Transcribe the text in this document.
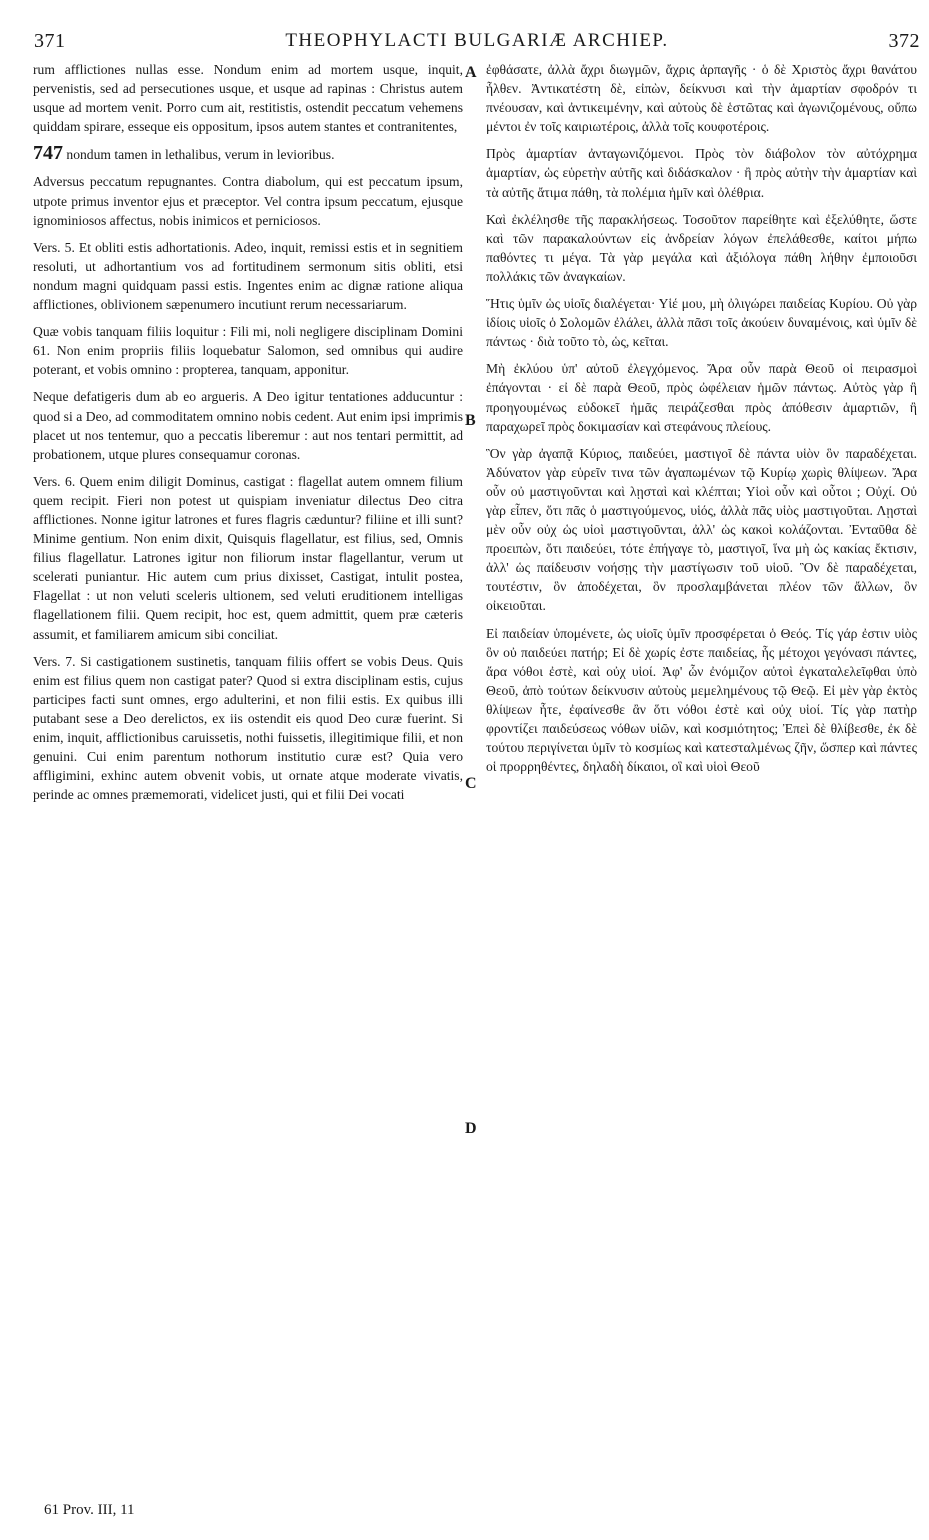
371	THEOPHYLACTI BULGARIÆ ARCHIEP.	372

rum afflictiones nullas esse. Nondum enim ad mortem usque, inquit, pervenistis, sed ad persecutiones usque, et usque ad rapinas : Christus autem usque ad mortem venit. Porro cum ait, restitistis, ostendit peccatum vehemens quiddam spirare, esseque eis oppositum, ipsos autem stantes et contranitentes,

747 nondum tamen in lethalibus, verum in levioribus.

Adversus peccatum repugnantes. Contra diabolum, qui est peccatum ipsum, utpote primus inventor ejus et præceptor. Vel contra ipsum peccatum, ejusque ignominiosos affectus, nobis inimicos et perniciosos.

Vers. 5. Et obliti estis adhortationis. Adeo, inquit, remissi estis et in segnitiem resoluti, ut adhortantium vos ad fortitudinem sermonum sitis obliti, etsi nondum magni quidquam passi estis. Ingentes enim ac dignæ ratione aliqua afflictiones, oblivionem sæpenumero incutiunt rerum necessariarum.

Quæ vobis tanquam filiis loquitur : Fili mi, noli negligere disciplinam Domini 61. Non enim propriis filiis loquebatur Salomon, sed omnibus qui audire poterant, et vobis omnino : propterea, tanquam, apponitur.

Neque defatigeris dum ab eo argueris. A Deo igitur tentationes adducuntur : quod si a Deo, ad commoditatem omnino nobis cedent. Aut enim ipsi imprimis placet ut nos tentemur, quo a peccatis liberemur : aut nos tentari permittit, ad probationem, utque plures consequamur coronas.

Vers. 6. Quem enim diligit Dominus, castigat : flagellat autem omnem filium quem recipit. Fieri non potest ut quispiam inveniatur dilectus Deo citra afflictiones. Nonne igitur latrones et fures flagris cæduntur? filiine et illi sunt? Minime gentium. Non enim dixit, Quisquis flagellatur, est filius, sed, Omnis filius flagellatur. Latrones igitur non filiorum instar flagellantur, verum ut scelerati puniantur. Hic autem cum prius dixisset, Castigat, intulit postea, Flagellat : ut non veluti sceleris ultionem, sed veluti eruditionem intelligas flagellationem filii. Quem recipit, hoc est, quem admittit, quem præ cæteris assumit, et familiarem amicum sibi conciliat.

Vers. 7. Si castigationem sustinetis, tanquam filiis offert se vobis Deus. Quis enim est filius quem non castigat pater? Quod si extra disciplinam estis, cujus participes facti sunt omnes, ergo adulterini, et non filii estis. Ex quibus illi putabant sese a Deo derelictos, ex iis ostendit eis quod Deo curæ fuerint. Si enim, inquit, afflictionibus caruissetis, nothi fuissetis, illegitimique filii, et non genuini. Cui enim parentum nothorum institutio curæ est? Quia vero affligimini, exhinc autem obvenit vobis, ut ornate atque moderate vivatis, perinde ac omnes præmemorati, videlicet justi, qui et filii Dei vocati

A
B
C
D

ἐφθάσατε, ἀλλὰ ἄχρι διωγμῶν, ἄχρις ἁρπαγῆς · ὁ δὲ Χριστὸς ἄχρι θανάτου ἦλθεν. Ἀντικατέστη δὲ, εἰπὼν, δείκνυσι καὶ τὴν ἁμαρτίαν σφοδρόν τι πνέουσαν, καὶ ἀντικειμένην, καὶ αὐτοὺς δὲ ἑστῶτας καὶ ἀγωνιζομένους, οὔπω μέντοι ἐν τοῖς καιριωτέροις, ἀλλὰ τοῖς κουφοτέροις.

Πρὸς ἁμαρτίαν ἀνταγωνιζόμενοι. Πρὸς τὸν διάβολον τὸν αὐτόχρημα ἁμαρτίαν, ὡς εὑρετὴν αὐτῆς καὶ διδάσκαλον · ἢ πρὸς αὐτὴν τὴν ἁμαρτίαν καὶ τὰ αὐτῆς ἄτιμα πάθη, τὰ πολέμια ἡμῖν καὶ ὀλέθρια.

Καὶ ἐκλέλησθε τῆς παρακλήσεως. Τοσοῦτον παρείθητε καὶ ἐξελύθητε, ὥστε καὶ τῶν παρακαλούντων εἰς ἀνδρείαν λόγων ἐπελάθεσθε, καίτοι μήπω παθόντες τι μέγα. Τὰ γὰρ μεγάλα καὶ ἀξιόλογα πάθη λήθην ἐμποιοῦσι πολλάκις τῶν ἀναγκαίων.

Ἥτις ὑμῖν ὡς υἱοῖς διαλέγεται· Υἱέ μου, μὴ ὀλιγώρει παιδείας Κυρίου. Οὐ γὰρ ἰδίοις υἱοῖς ὁ Σολομῶν ἐλάλει, ἀλλὰ πᾶσι τοῖς ἀκούειν δυναμένοις, καὶ ὑμῖν δὲ πάντως · διὰ τοῦτο τὸ, ὡς, κεῖται.

Μὴ ἐκλύου ὑπ' αὐτοῦ ἐλεγχόμενος. Ἄρα οὖν παρὰ Θεοῦ οἱ πειρασμοὶ ἐπάγονται · εἰ δὲ παρὰ Θεοῦ, πρὸς ὠφέλειαν ἡμῶν πάντως. Αὐτὸς γὰρ ἢ προηγουμένως εὐδοκεῖ ἡμᾶς πειράζεσθαι πρὸς ἀπόθεσιν ἁμαρτιῶν, ἢ παραχωρεῖ πρὸς δοκιμασίαν καὶ στεφάνους πλείους.

Ὃν γὰρ ἀγαπᾷ Κύριος, παιδεύει, μαστιγοῖ δὲ πάντα υἱὸν ὃν παραδέχεται. Ἀδύνατον γὰρ εὑρεῖν τινα τῶν ἀγαπωμένων τῷ Κυρίῳ χωρὶς θλίψεων. Ἄρα οὖν οὐ μαστιγοῦνται καὶ λῃσταὶ καὶ κλέπται; Υἱοὶ οὖν καὶ οὗτοι ; Οὐχί. Οὐ γὰρ εἶπεν, ὅτι πᾶς ὁ μαστιγούμενος, υἱός, ἀλλὰ πᾶς υἱὸς μαστιγοῦται. Λῃσταὶ μὲν οὖν οὐχ ὡς υἱοὶ μαστιγοῦνται, ἀλλ' ὡς κακοὶ κολάζονται. Ἐνταῦθα δὲ προειπὼν, ὅτι παιδεύει, τότε ἐπήγαγε τὸ, μαστιγοῖ, ἵνα μὴ ὡς κακίας ἔκτισιν, ἀλλ' ὡς παίδευσιν νοήσῃς τὴν μαστίγωσιν τοῦ υἱοῦ. Ὃν δὲ παραδέχεται, τουτέστιν, ὃν ἀποδέχεται, ὃν προσλαμβάνεται πλέον τῶν ἄλλων, ὃν οἰκειοῦται.

Εἰ παιδείαν ὑπομένετε, ὡς υἱοῖς ὑμῖν προσφέρεται ὁ Θεός. Τίς γάρ ἐστιν υἱὸς ὃν οὐ παιδεύει πατήρ; Εἰ δὲ χωρίς ἐστε παιδείας, ἧς μέτοχοι γεγόνασι πάντες, ἄρα νόθοι ἐστὲ, καὶ οὐχ υἱοί. Ἀφ' ὧν ἐνόμιζον αὐτοὶ ἐγκαταλελεῖφθαι ὑπὸ Θεοῦ, ἀπὸ τούτων δείκνυσιν αὐτοὺς μεμελημένους τῷ Θεῷ. Εἰ μὲν γὰρ ἐκτὸς θλίψεων ἦτε, ἐφαίνεσθε ἂν ὅτι νόθοι ἐστὲ καὶ οὐχ υἱοί. Τίς γὰρ πατὴρ φροντίζει παιδεύσεως νόθων υἱῶν, καὶ κοσμιότητος; Ἐπεὶ δὲ θλίβεσθε, ἐκ δὲ τούτου περιγίνεται ὑμῖν τὸ κοσμίως καὶ κατεσταλμένως ζῆν, ὥσπερ καὶ πάντες οἱ προρρηθέντες, δηλαδὴ δίκαιοι, οἳ καὶ υἱοὶ Θεοῦ

61 Prov. III, 11
